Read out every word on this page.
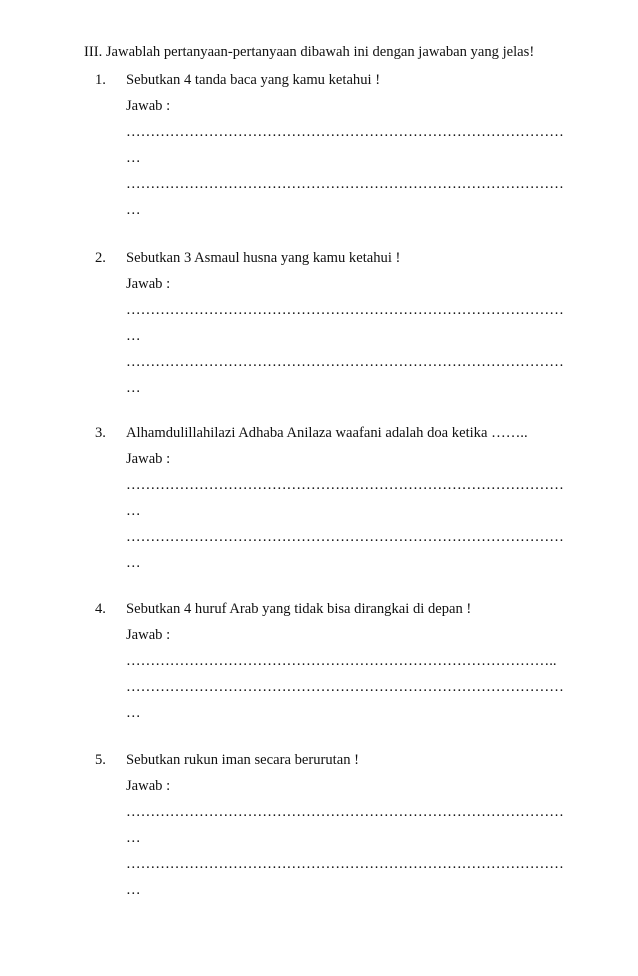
III. Jawablah pertanyaan-pertanyaan dibawah ini dengan jawaban yang jelas!
1. Sebutkan 4 tanda baca yang kamu ketahui !
Jawab :
………………………………………………………………………………
…
………………………………………………………………………………
…
2. Sebutkan 3 Asmaul husna yang kamu ketahui !
Jawab :
………………………………………………………………………………
…
………………………………………………………………………………
…
3. Alhamdulillahilazi Adhaba Anilaza waafani adalah doa ketika ……..
Jawab :
………………………………………………………………………………
…
………………………………………………………………………………
…
4. Sebutkan 4 huruf Arab yang tidak bisa dirangkai di depan !
Jawab :
……………………………………………………………………………..
………………………………………………………………………………
…
5. Sebutkan rukun iman secara berurutan !
Jawab :
………………………………………………………………………………
…
………………………………………………………………………………
…
